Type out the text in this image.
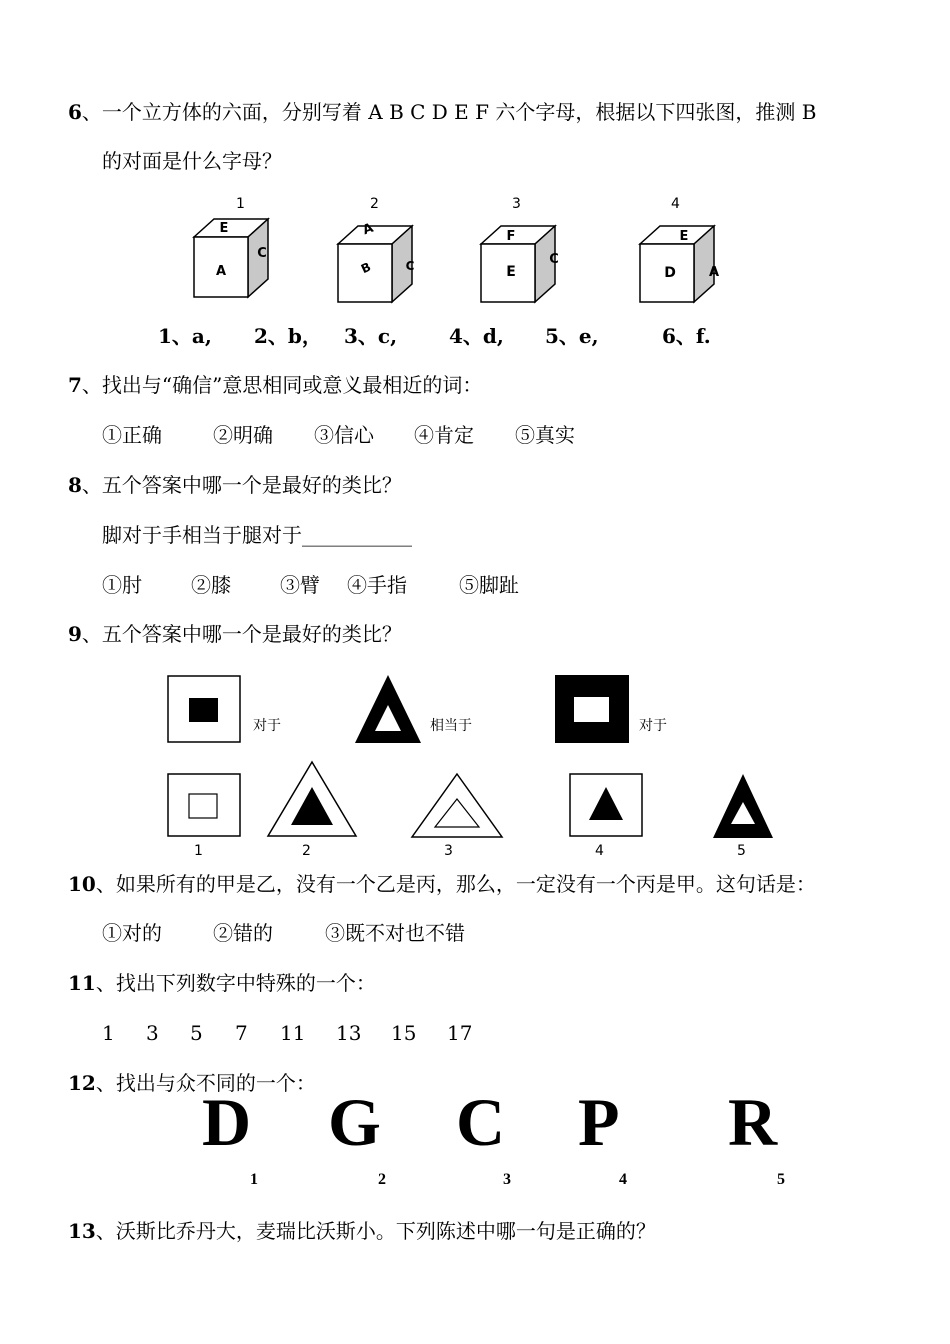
6、一个立方体的六面，分别写着 A B C D E F 六个字母，根据以下四张图，推测 B
的对面是什么字母？
1	2	3	4
E
A
C
A
B	C
F
E
C
E
D	A
1、a, 2、b， 3、c,	4、d, 5、e,	6、f.
7、找出与“确信”意思相同或意义最相近的词：
①正确	②明确 ③信心 ④肯定 ⑤真实
8、五个答案中哪一个是最好的类比？
脚对于手相当于腿对于___________
①肘 ②膝 ③臂 ④手指	⑤脚趾
9、五个答案中哪一个是最好的类比？
对于	相当于	对于
1	2	3	4	5
10、如果所有的甲是乙，没有一个乙是丙，那么，一定没有一个丙是甲。这句话是：
①对的	②错的	③既不对也不错
11、找出下列数字中特殊的一个：
1 3 5 7 11 13 15 17
12、找出与众不同的一个：
D G C P R
1	2	3	4	5
13、沃斯比乔丹大，麦瑞比沃斯小。下列陈述中哪一句是正确的？
